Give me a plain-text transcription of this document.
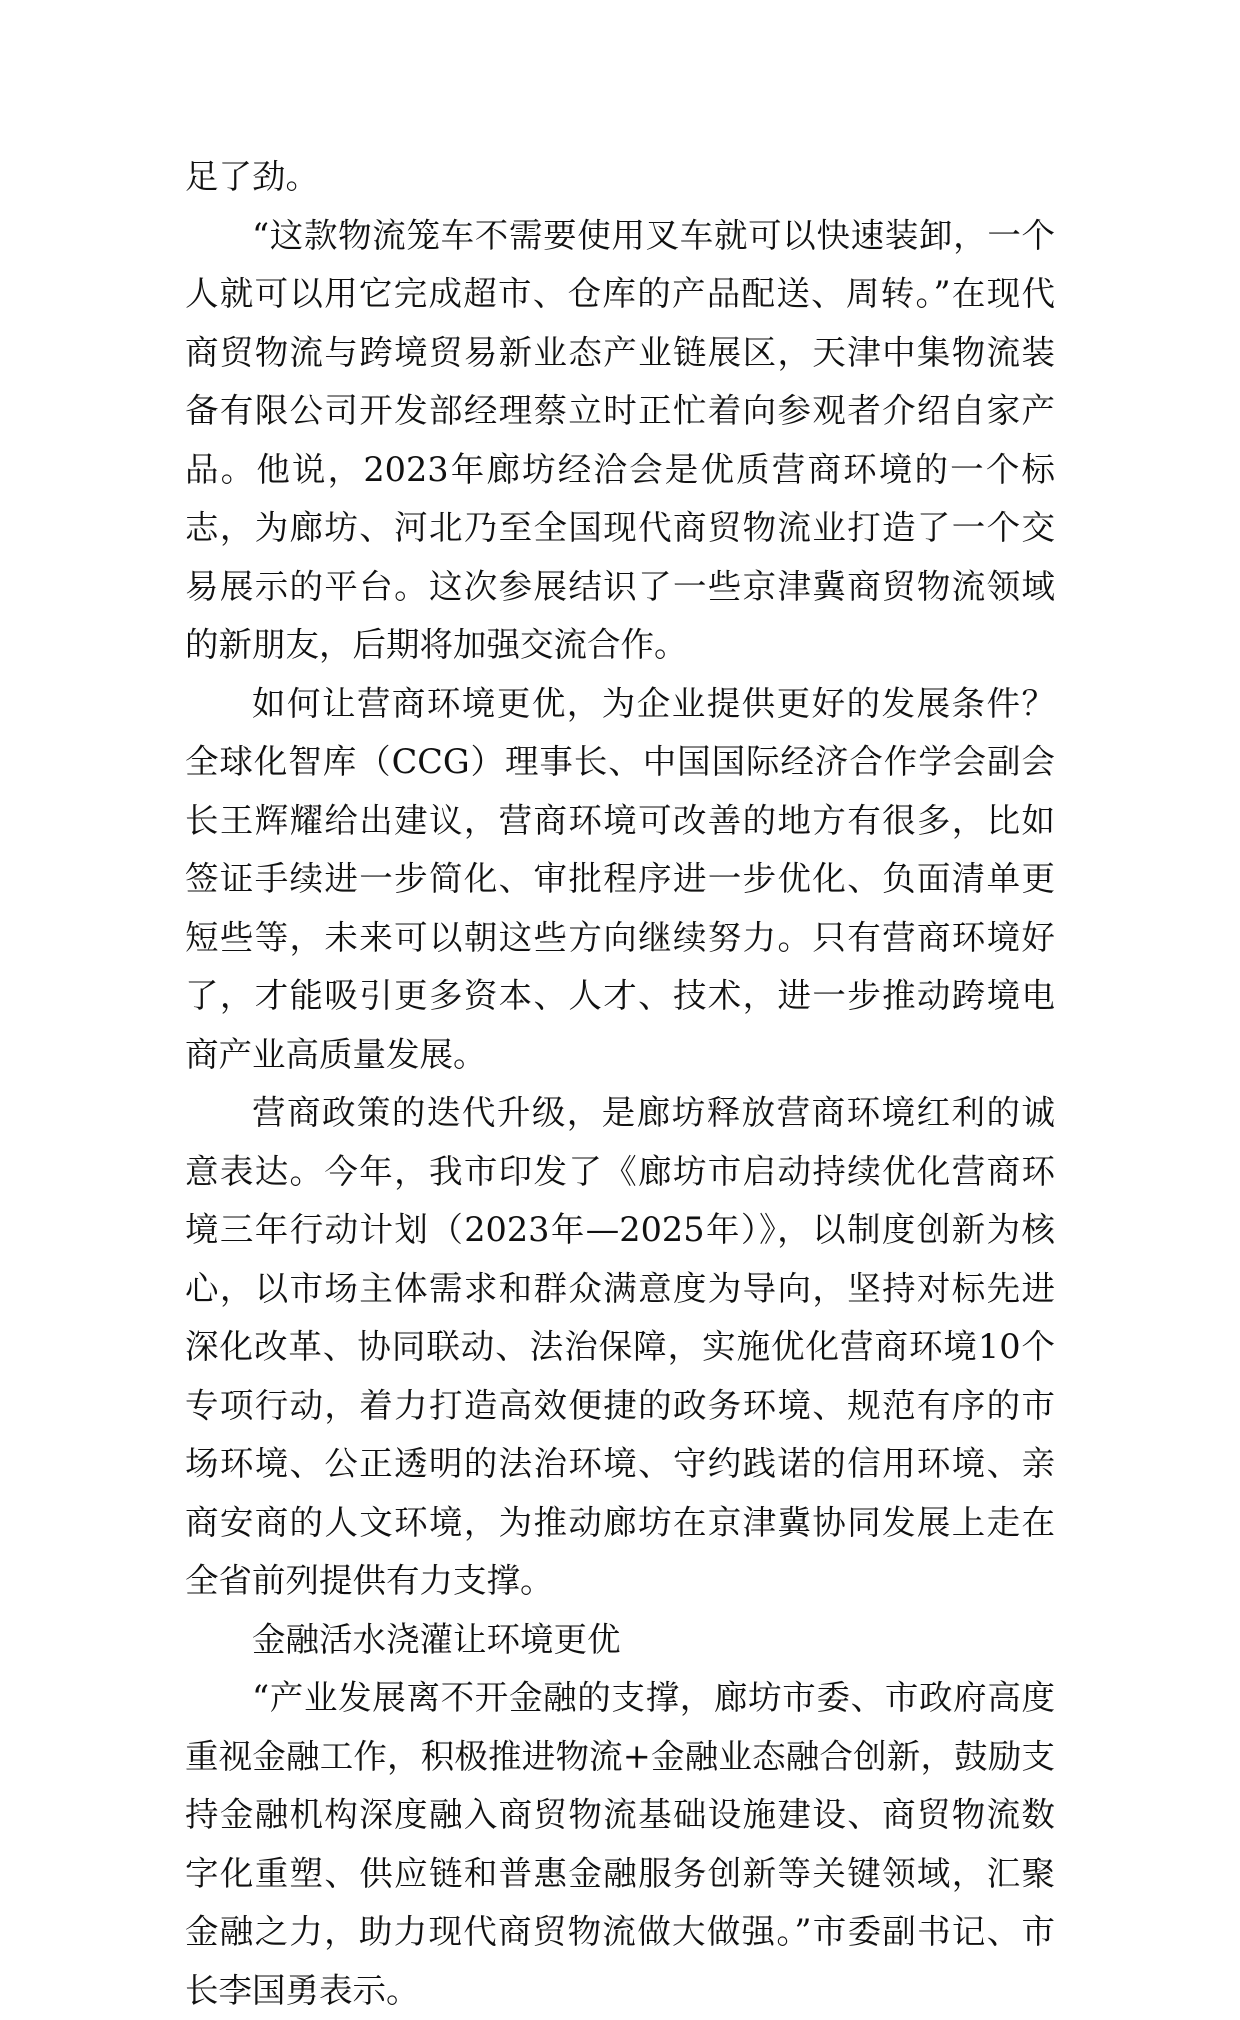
足了劲。

“这款物流笼车不需要使用叉车就可以快速装卸，一个人就可以用它完成超市、仓库的产品配送、周转。”在现代商贸物流与跨境贸易新业态产业链展区，天津中集物流装备有限公司开发部经理蔡立时正忙着向参观者介绍自家产品。他说，2023年廊坊经洽会是优质营商环境的一个标志，为廊坊、河北乃至全国现代商贸物流业打造了一个交易展示的平台。这次参展结识了一些京津冀商贸物流领域的新朋友，后期将加强交流合作。

如何让营商环境更优，为企业提供更好的发展条件？全球化智库（CCG）理事长、中国国际经济合作学会副会长王辉耀给出建议，营商环境可改善的地方有很多，比如签证手续进一步简化、审批程序进一步优化、负面清单更短些等，未来可以朝这些方向继续努力。只有营商环境好了，才能吸引更多资本、人才、技术，进一步推动跨境电商产业高质量发展。

营商政策的迭代升级，是廊坊释放营商环境红利的诚意表达。今年，我市印发了《廊坊市启动持续优化营商环境三年行动计划（2023年—2025年）》，以制度创新为核心，以市场主体需求和群众满意度为导向，坚持对标先进深化改革、协同联动、法治保障，实施优化营商环境10个专项行动，着力打造高效便捷的政务环境、规范有序的市场环境、公正透明的法治环境、守约践诺的信用环境、亲商安商的人文环境，为推动廊坊在京津冀协同发展上走在全省前列提供有力支撑。

金融活水浇灌让环境更优

“产业发展离不开金融的支撑，廊坊市委、市政府高度重视金融工作，积极推进物流+金融业态融合创新，鼓励支持金融机构深度融入商贸物流基础设施建设、商贸物流数字化重塑、供应链和普惠金融服务创新等关键领域，汇聚金融之力，助力现代商贸物流做大做强。”市委副书记、市长李国勇表示。
